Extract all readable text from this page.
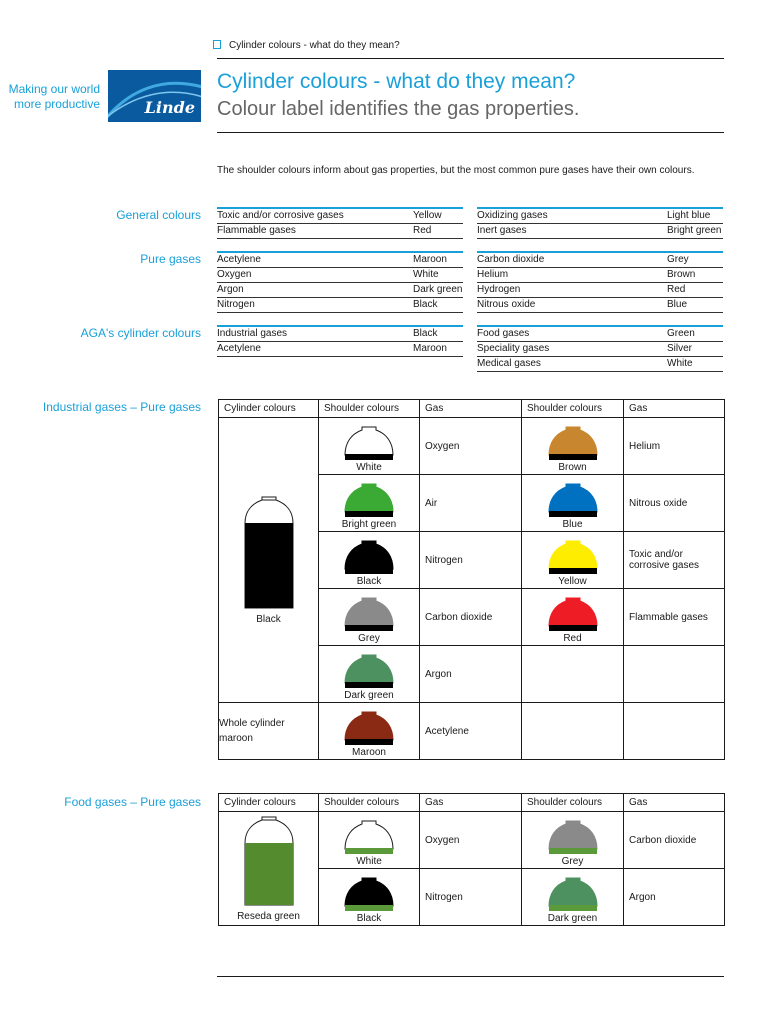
Cylinder colours - what do they mean?
Making our world more productive	Linde
Cylinder colours - what do they mean?
Colour label identifies the gas properties.
The shoulder colours inform about gas properties, but the most common pure gases have their own colours.
General colours Toxic and/or corrosive gases	Yellow
Flammable gases	Red
Oxidizing gases	Light blue
Inert gases	Bright green
Pure gases Acetylene	Maroon
Oxygen	White
Argon	Dark green
Nitrogen	Black
Carbon dioxide	Grey
Helium	Brown
Hydrogen	Red
Nitrous oxide	Blue
AGA's cylinder colours Industrial gases	Black
Acetylene	Maroon
Food gases	Green
Speciality gases	Silver
Medical gases	White
Industrial gases – Pure gases Cylinder colours	Shoulder colours	Gas	Shoulder colours	Gas

Black	White	Oxygen	Brown	Helium

	Bright green	Air	Blue	Nitrous oxide

	Black	Nitrogen	Yellow	Toxic and/or corrosive gases

	Grey	Carbon dioxide	Red	Flammable gases

	Dark green	Argon		
Whole cylinder maroon	Maroon	Acetylene		
Food gases – Pure gases Cylinder colours	Shoulder colours	Gas	Shoulder colours	Gas

Reseda green	White	Oxygen	Grey	Carbon dioxide

	Black	Nitrogen	Dark green	Argon
